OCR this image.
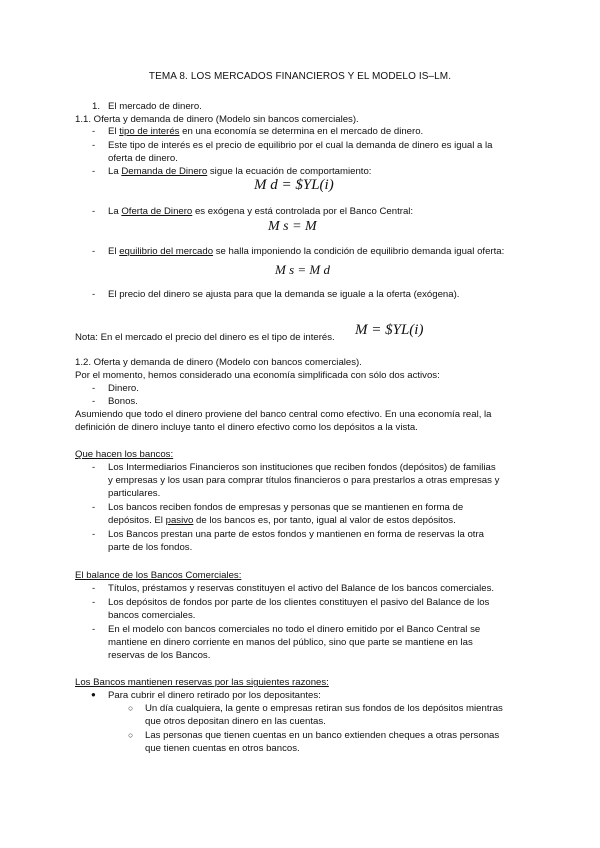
TEMA 8. LOS MERCADOS FINANCIEROS Y EL MODELO IS–LM.
1. El mercado de dinero.
1.1. Oferta y demanda de dinero (Modelo sin bancos comerciales).
- El tipo de interés en una economía se determina en el mercado de dinero.
- Este tipo de interés es el precio de equilibrio por el cual la demanda de dinero es igual a la
oferta de dinero.
- La Demanda de Dinero sigue la ecuación de comportamiento:
M d = $YL(i)
- La Oferta de Dinero es exógena y está controlada por el Banco Central:
M s = M
- El equilibrio del mercado se halla imponiendo la condición de equilibrio demanda igual oferta:
M s = M d
- El precio del dinero se ajusta para que la demanda se iguale a la oferta (exógena).
Nota: En el mercado el precio del dinero es el tipo de interés. M = $YL(i)
1.2. Oferta y demanda de dinero (Modelo con bancos comerciales).
Por el momento, hemos considerado una economía simplificada con sólo dos activos:
- Dinero.
- Bonos.
Asumiendo que todo el dinero proviene del banco central como efectivo. En una economía real, la
definición de dinero incluye tanto el dinero efectivo como los depósitos a la vista.
Que hacen los bancos:
- Los Intermediarios Financieros son instituciones que reciben fondos (depósitos) de familias
y empresas y los usan para comprar títulos financieros o para prestarlos a otras empresas y
particulares.
- Los bancos reciben fondos de empresas y personas que se mantienen en forma de
depósitos. El pasivo de los bancos es, por tanto, igual al valor de estos depósitos.
- Los Bancos prestan una parte de estos fondos y mantienen en forma de reservas la otra
parte de los fondos.
El balance de los Bancos Comerciales:
- Títulos, préstamos y reservas constituyen el activo del Balance de los bancos comerciales.
- Los depósitos de fondos por parte de los clientes constituyen el pasivo del Balance de los
bancos comerciales.
- En el modelo con bancos comerciales no todo el dinero emitido por el Banco Central se
mantiene en dinero corriente en manos del público, sino que parte se mantiene en las
reservas de los Bancos.
Los Bancos mantienen reservas por las siguientes razones:
● Para cubrir el dinero retirado por los depositantes:
○ Un día cualquiera, la gente o empresas retiran sus fondos de los depósitos mientras
que otros depositan dinero en las cuentas.
○ Las personas que tienen cuentas en un banco extienden cheques a otras personas
que tienen cuentas en otros bancos.
